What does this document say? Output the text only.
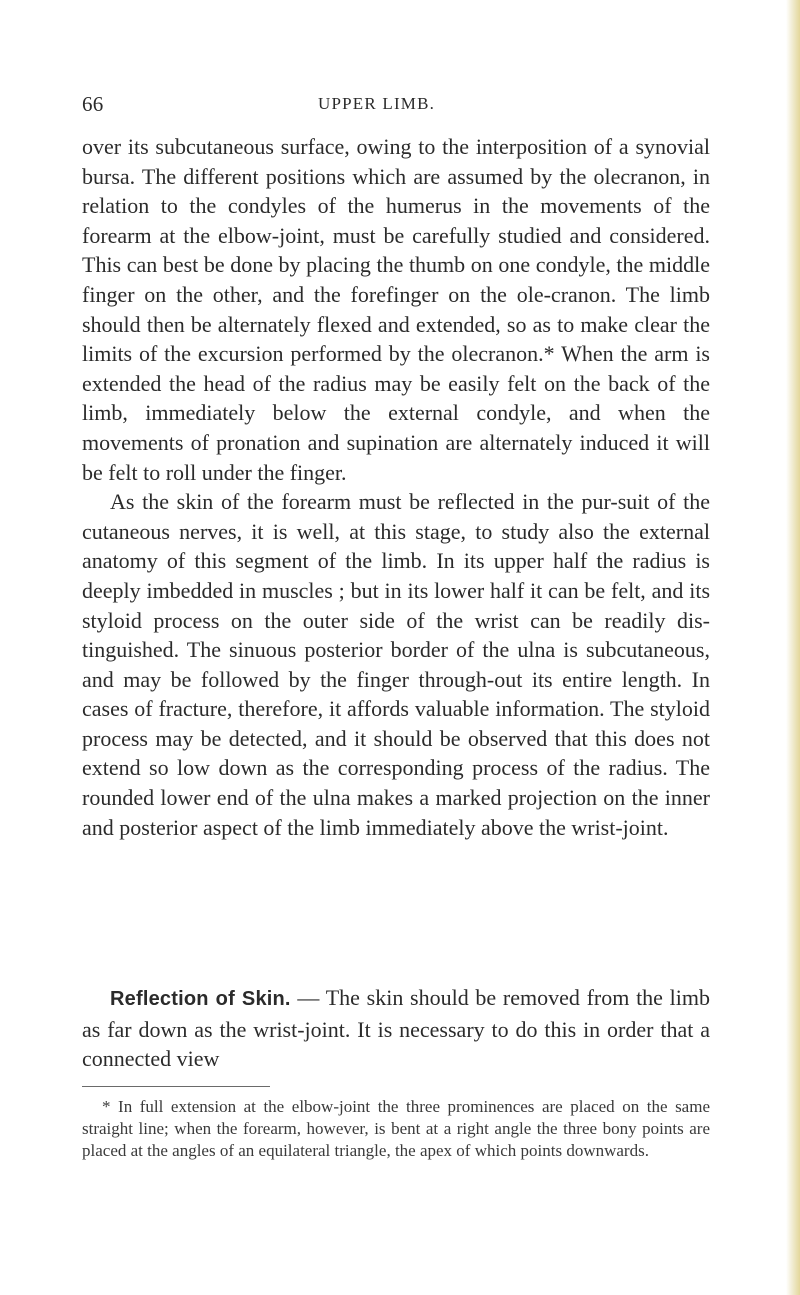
66	UPPER LIMB.

over its subcutaneous surface, owing to the interposition of a synovial bursa. The different positions which are assumed by the olecranon, in relation to the condyles of the humerus in the movements of the forearm at the elbow-joint, must be carefully studied and considered. This can best be done by placing the thumb on one condyle, the middle finger on the other, and the forefinger on the ole-cranon. The limb should then be alternately flexed and extended, so as to make clear the limits of the excursion performed by the olecranon.* When the arm is extended the head of the radius may be easily felt on the back of the limb, immediately below the external condyle, and when the movements of pronation and supination are alternately induced it will be felt to roll under the finger.

As the skin of the forearm must be reflected in the pur-suit of the cutaneous nerves, it is well, at this stage, to study also the external anatomy of this segment of the limb. In its upper half the radius is deeply imbedded in muscles ; but in its lower half it can be felt, and its styloid process on the outer side of the wrist can be readily dis-tinguished. The sinuous posterior border of the ulna is subcutaneous, and may be followed by the finger through-out its entire length. In cases of fracture, therefore, it affords valuable information. The styloid process may be detected, and it should be observed that this does not extend so low down as the corresponding process of the radius. The rounded lower end of the ulna makes a marked projection on the inner and posterior aspect of the limb immediately above the wrist-joint.

Reflection of Skin. — The skin should be removed from the limb as far down as the wrist-joint. It is necessary to do this in order that a connected view

* In full extension at the elbow-joint the three prominences are placed on the same straight line; when the forearm, however, is bent at a right angle the three bony points are placed at the angles of an equilateral triangle, the apex of which points downwards.
